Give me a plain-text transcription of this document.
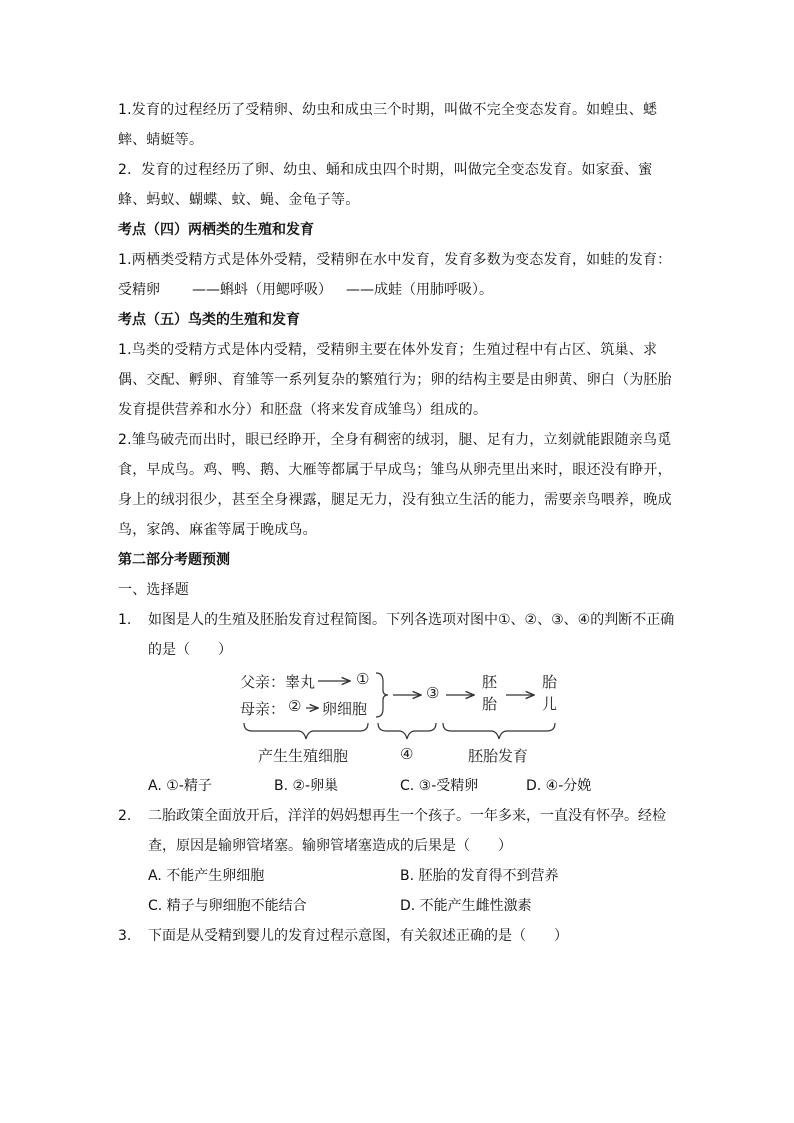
1.发育的过程经历了受精卵、幼虫和成虫三个时期，叫做不完全变态发育。如蝗虫、蟋蟀、蜻蜓等。

2．发育的过程经历了卵、幼虫、蛹和成虫四个时期，叫做完全变态发育。如家蚕、蜜蜂、蚂蚁、蝴蝶、蚊、蝇、金龟子等。

考点（四）两栖类的生殖和发育

1.两栖类受精方式是体外受精，受精卵在水中发育，发育多数为变态发育，如蛙的发育：

受精卵	——蝌蚪（用鳃呼吸）	——成蛙（用肺呼吸）。

考点（五）鸟类的生殖和发育

1.鸟类的受精方式是体内受精，受精卵主要在体外发育；生殖过程中有占区、筑巢、求偶、交配、孵卵、育雏等一系列复杂的繁殖行为；卵的结构主要是由卵黄、卵白（为胚胎发育提供营养和水分）和胚盘（将来发育成雏鸟）组成的。

2.雏鸟破壳而出时，眼已经睁开，全身有稠密的绒羽，腿、足有力，立刻就能跟随亲鸟觅食，早成鸟。鸡、鸭、鹅、大雁等都属于早成鸟；雏鸟从卵壳里出来时，眼还没有睁开，身上的绒羽很少，甚至全身裸露，腿足无力，没有独立生活的能力，需要亲鸟喂养，晚成鸟，家鸽、麻雀等属于晚成鸟。

第二部分考题预测

一、选择题

1.	如图是人的生殖及胚胎发育过程简图。下列各选项对图中①、②、③、④的判断不正确的是（　　）
父亲：睾丸	①
母亲： ② 卵细胞
③
胚
胎
胎
儿
产生生殖细胞	④	胚胎发育
A. ①-精子	B. ②-卵巢	C. ③-受精卵	D. ④-分娩
2.	二胎政策全面放开后，洋洋的妈妈想再生一个孩子。一年多来，一直没有怀孕。经检查，原因是输卵管堵塞。输卵管堵塞造成的后果是（　　）
A. 不能产生卵细胞	B. 胚胎的发育得不到营养
C. 精子与卵细胞不能结合	D. 不能产生雌性激素
3.	下面是从受精到婴儿的发育过程示意图，有关叙述正确的是（　　）
